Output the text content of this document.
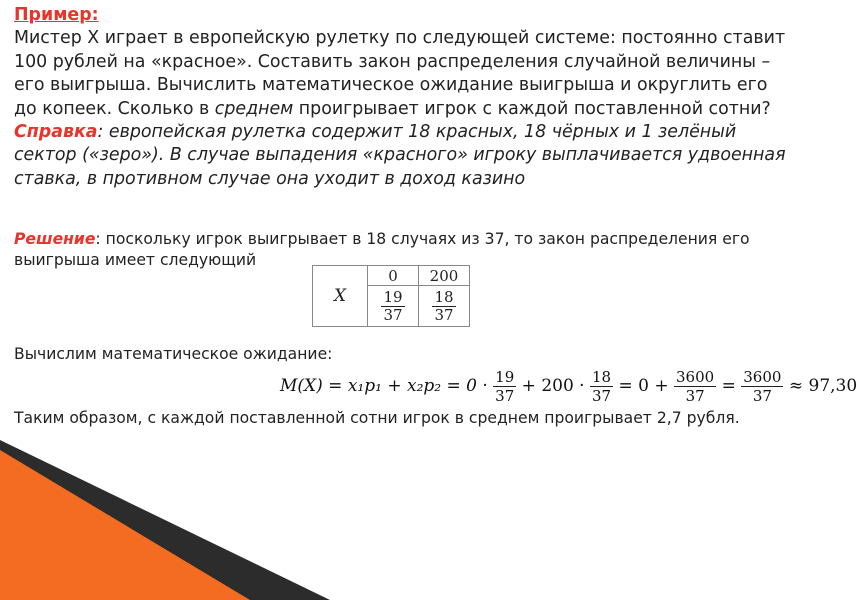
Пример:
Мистер X играет в европейскую рулетку по следующей системе: постоянно ставит 100 рублей на «красное». Составить закон распределения случайной величины – его выигрыша. Вычислить математическое ожидание выигрыша и округлить его до копеек. Сколько в среднем проигрывает игрок с каждой поставленной сотни?
Справка: европейская рулетка содержит 18 красных, 18 чёрных и 1 зелёный сектор («зеро»). В случае выпадения «красного» игроку выплачивается удвоенная ставка, в противном случае она уходит в доход казино
Решение: поскольку игрок выигрывает в 18 случаях из 37, то закон распределения его выигрыша имеет следующий
X	0	200

	$\frac{19}{37}$	$\frac{18}{37}$
Вычислим математическое ожидание:
$M(X) = x_1p_1 + x_2p_2 = 0 \cdot \frac{19}{37} + 200 \cdot \frac{18}{37} = 0 + \frac{3600}{37} = \frac{3600}{37} \approx 97,30$
Таким образом, с каждой поставленной сотни игрок в среднем проигрывает 2,7 рубля.
